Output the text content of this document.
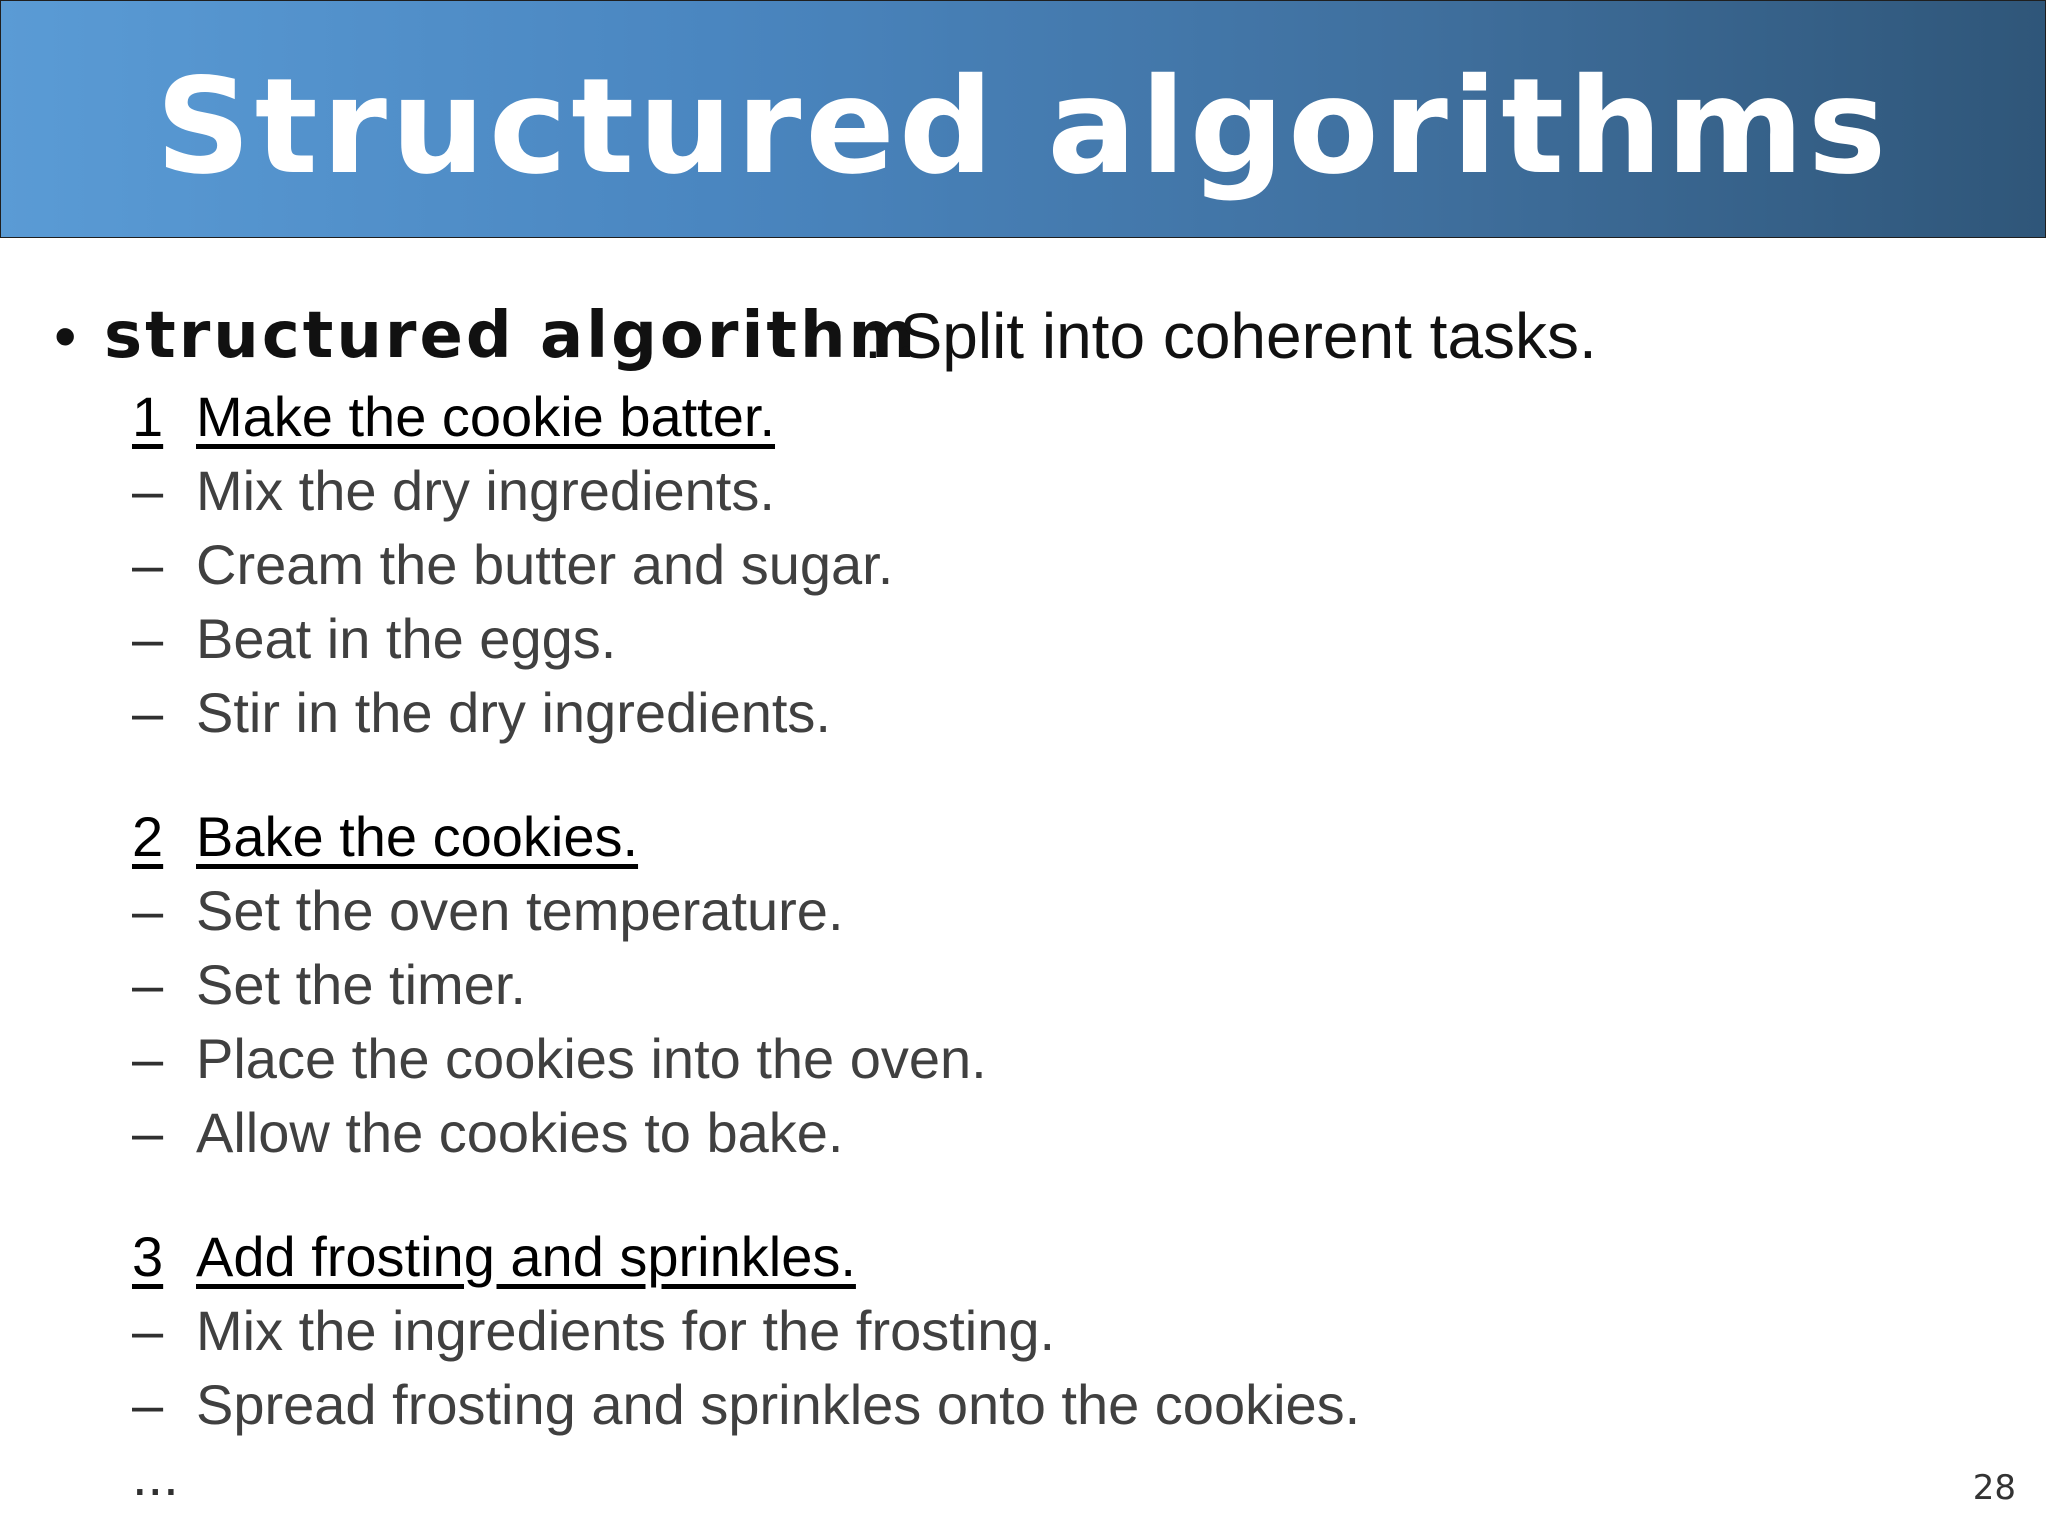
Structured algorithms
• structured algorithm
: Split into coherent tasks.
1 Make the cookie batter.
– Mix the dry ingredients.
– Cream the butter and sugar.
– Beat in the eggs.
– Stir in the dry ingredients.
2 Bake the cookies.
– Set the oven temperature.
– Set the timer.
– Place the cookies into the oven.
– Allow the cookies to bake.
3 Add frosting and sprinkles.
– Mix the ingredients for the frosting.
– Spread frosting and sprinkles onto the cookies.
...	28
